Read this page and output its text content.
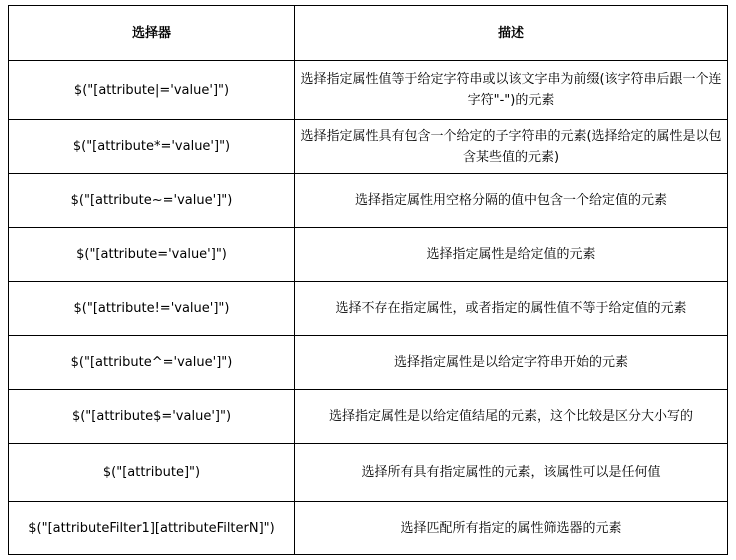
选择器	描述
$("[attribute|='value']")	选择指定属性值等于给定字符串或以该文字串为前缀(该字符串后跟一个连字符"-")的元素
$("[attribute*='value']")	选择指定属性具有包含一个给定的子字符串的元素(选择给定的属性是以包含某些值的元素)
$("[attribute~='value']")	选择指定属性用空格分隔的值中包含一个给定值的元素
$("[attribute='value']")	选择指定属性是给定值的元素
$("[attribute!='value']")	选择不存在指定属性，或者指定的属性值不等于给定值的元素
$("[attribute^='value']")	选择指定属性是以给定字符串开始的元素
$("[attribute$='value']")	选择指定属性是以给定值结尾的元素，这个比较是区分大小写的
$("[attribute]")	选择所有具有指定属性的元素，该属性可以是任何值
$("[attributeFilter1][attributeFilterN]")	选择匹配所有指定的属性筛选器的元素
